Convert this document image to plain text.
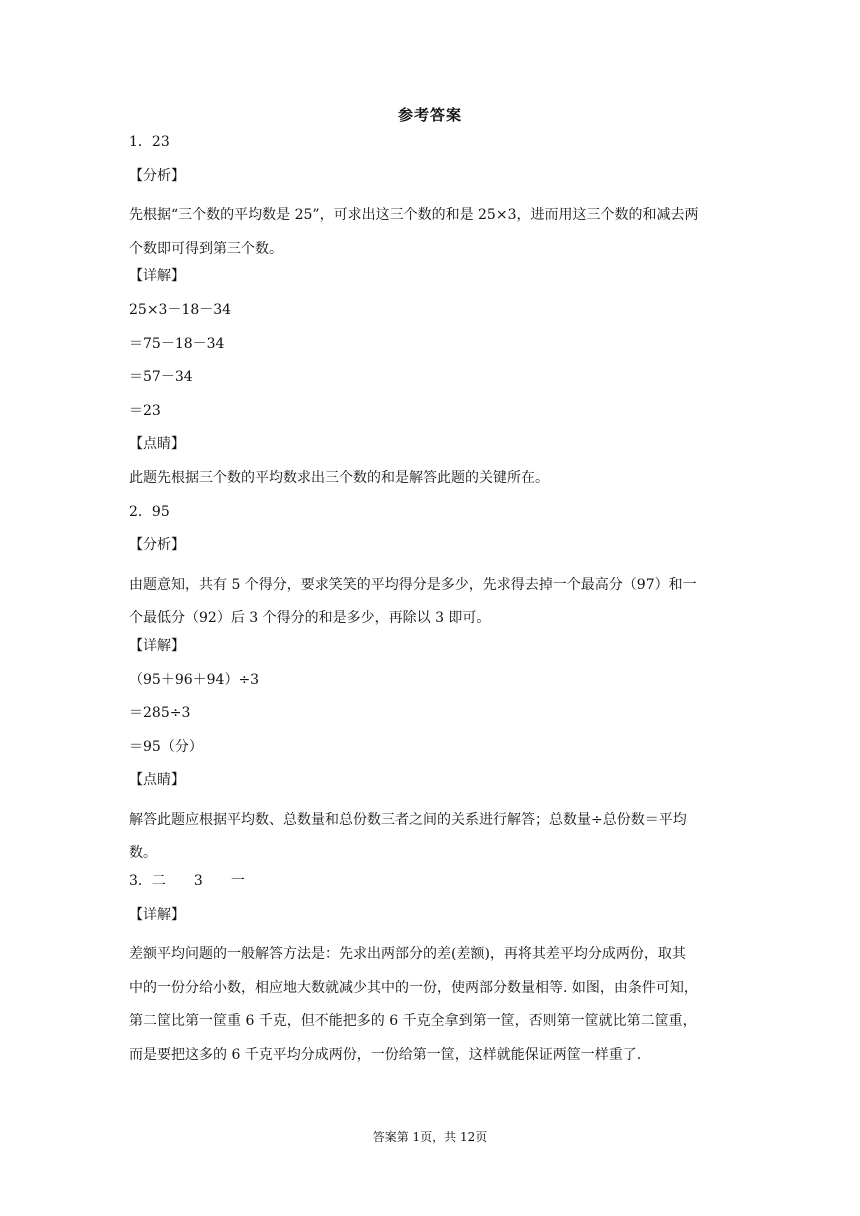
参考答案
1．23
【分析】
先根据“三个数的平均数是 25”，可求出这三个数的和是 25×3，进而用这三个数的和减去两
个数即可得到第三个数。
【详解】
25×3－18－34
＝75－18－34
＝57－34
＝23
【点睛】
此题先根据三个数的平均数求出三个数的和是解答此题的关键所在。
2．95
【分析】
由题意知，共有 5 个得分，要求笑笑的平均得分是多少，先求得去掉一个最高分（97）和一
个最低分（92）后 3 个得分的和是多少，再除以 3 即可。
【详解】
（95＋96＋94）÷3
＝285÷3
＝95（分）
【点睛】
解答此题应根据平均数、总数量和总份数三者之间的关系进行解答；总数量÷总份数＝平均
数。
3．二　　3　　一
【详解】
差额平均问题的一般解答方法是：先求出两部分的差(差额)，再将其差平均分成两份，取其
中的一份分给小数，相应地大数就减少其中的一份，使两部分数量相等. 如图，由条件可知，
第二筐比第一筐重 6 千克，但不能把多的 6 千克全拿到第一筐，否则第一筐就比第二筐重，
而是要把这多的 6 千克平均分成两份，一份给第一筐，这样就能保证两筐一样重了.
答案第 1页，共 12页
